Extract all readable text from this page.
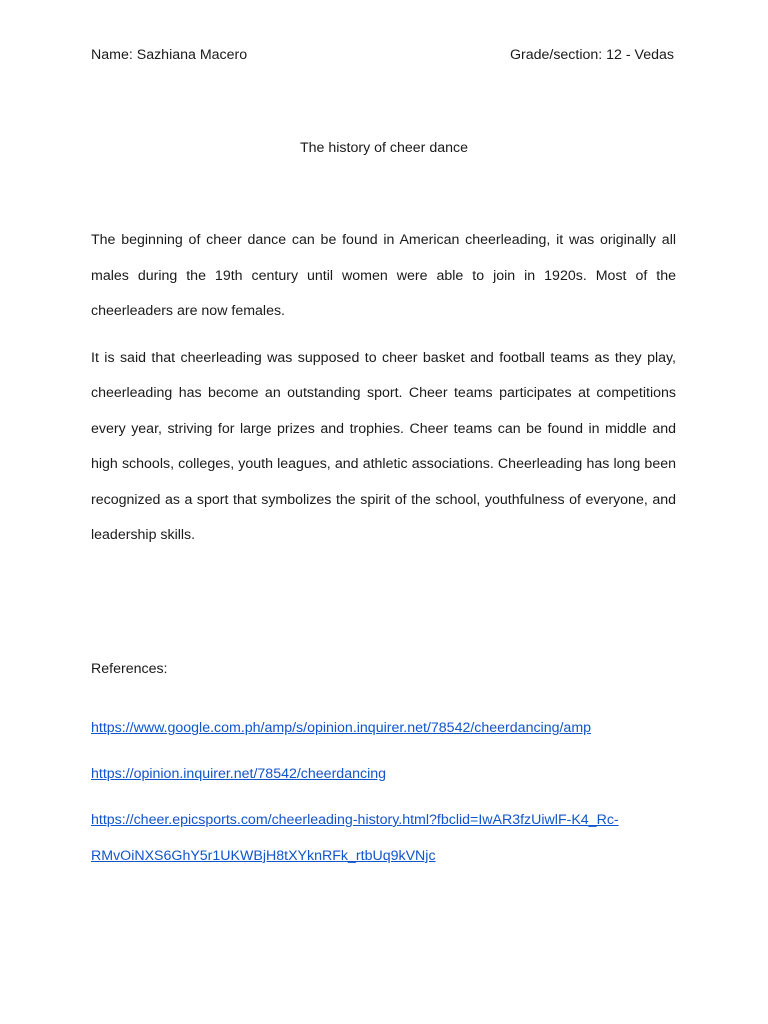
Name: Sazhiana Macero	Grade/section: 12 - Vedas
The history of cheer dance

The beginning of cheer dance can be found in American cheerleading, it was originally all males during the 19th century until women were able to join in 1920s. Most of the cheerleaders are now females.

It is said that cheerleading was supposed to cheer basket and football teams as they play, cheerleading has become an outstanding sport. Cheer teams participates at competitions every year, striving for large prizes and trophies. Cheer teams can be found in middle and high schools, colleges, youth leagues, and athletic associations. Cheerleading has long been recognized as a sport that symbolizes the spirit of the school, youthfulness of everyone, and leadership skills.

References:
https://www.google.com.ph/amp/s/opinion.inquirer.net/78542/cheerdancing/amp
https://opinion.inquirer.net/78542/cheerdancing
https://cheer.epicsports.com/cheerleading-history.html?fbclid=IwAR3fzUiwlF-K4_Rc-
RMvOiNXS6GhY5r1UKWBjH8tXYknRFk_rtbUq9kVNjc
